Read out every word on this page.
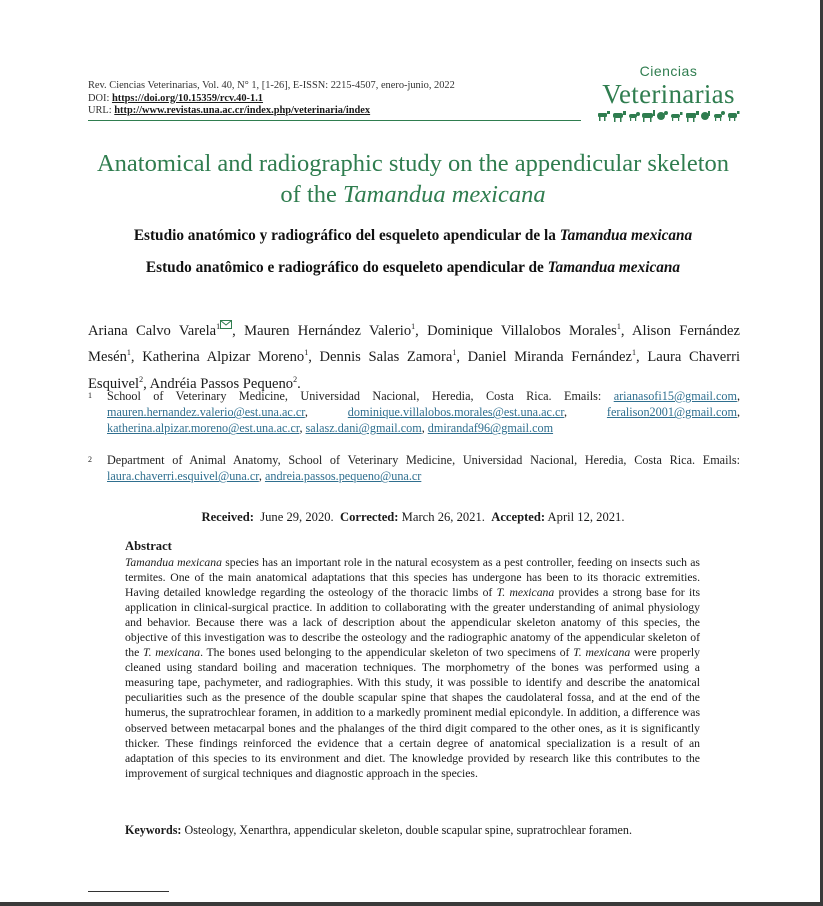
Rev. Ciencias Veterinarias, Vol. 40, N° 1, [1-26], E-ISSN: 2215-4507, enero-junio, 2022
DOI: https://doi.org/10.15359/rcv.40-1.1
URL: http://www.revistas.una.ac.cr/index.php/veterinaria/index
Ciencias
Veterinarias
Anatomical and radiographic study on the appendicular skeleton
of the Tamandua mexicana
Estudio anatómico y radiográfico del esqueleto apendicular de la Tamandua mexicana
Estudo anatômico e radiográfico do esqueleto apendicular de Tamandua mexicana
Ariana Calvo Varela$^1$ , Mauren Hernández Valerio$^1$, Dominique Villalobos Morales$^1$, Alison Fernández Mesén$^1$, Katherina Alpizar Moreno$^1$, Dennis Salas Zamora$^1$, Daniel Miranda Fernández$^1$, Laura Chaverri Esquivel$^2$, Andréia Passos Pequeno$^2$.
1 School of Veterinary Medicine, Universidad Nacional, Heredia, Costa Rica. Emails: arianasofi15@gmail.com, mauren.hernandez.valerio@est.una.ac.cr, dominique.villalobos.morales@est.una.ac.cr, feralison2001@gmail.com, katherina.alpizar.moreno@est.una.ac.cr, salasz.dani@gmail.com, dmirandaf96@gmail.com
2 Department of Animal Anatomy, School of Veterinary Medicine, Universidad Nacional, Heredia, Costa Rica. Emails: laura.chaverri.esquivel@una.cr, andreia.passos.pequeno@una.cr
Received: June 29, 2020. Corrected: March 26, 2021. Accepted: April 12, 2021.
Abstract
Tamandua mexicana species has an important role in the natural ecosystem as a pest controller, feeding on insects such as termites. One of the main anatomical adaptations that this species has undergone has been to its thoracic extremities. Having detailed knowledge regarding the osteology of the thoracic limbs of T. mexicana provides a strong base for its application in clinical-surgical practice. In addition to collaborating with the greater understanding of animal physiology and behavior. Because there was a lack of description about the appendicular skeleton anatomy of this species, the objective of this investigation was to describe the osteology and the radiographic anatomy of the appendicular skeleton of the T. mexicana. The bones used belonging to the appendicular skeleton of two specimens of T. mexicana were properly cleaned using standard boiling and maceration techniques. The morphometry of the bones was performed using a measuring tape, pachymeter, and radiographies. With this study, it was possible to identify and describe the anatomical peculiarities such as the presence of the double scapular spine that shapes the caudolateral fossa, and at the end of the humerus, the supratrochlear foramen, in addition to a markedly prominent medial epicondyle. In addition, a difference was observed between metacarpal bones and the phalanges of the third digit compared to the other ones, as it is significantly thicker. These findings reinforced the evidence that a certain degree of anatomical specialization is a result of an adaptation of this species to its environment and diet. The knowledge provided by research like this contributes to the improvement of surgical techniques and diagnostic approach in the species.
Keywords: Osteology, Xenarthra, appendicular skeleton, double scapular spine, supratrochlear foramen.
